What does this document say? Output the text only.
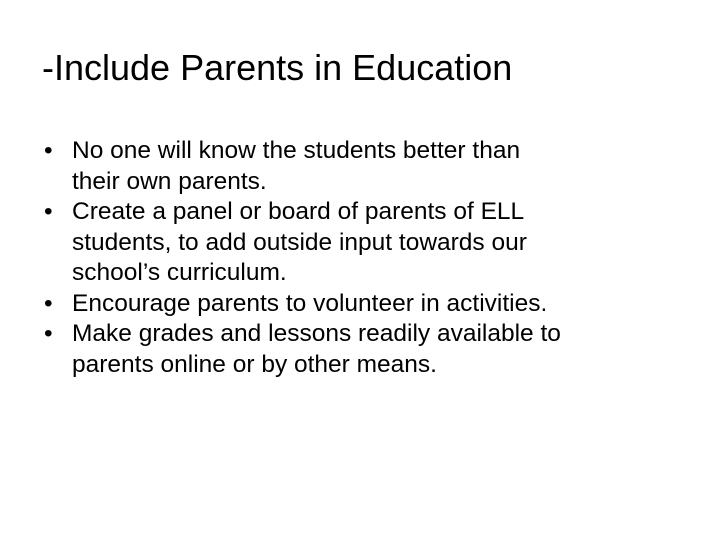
-Include Parents in Education
• No one will know the students better than
their own parents.
• Create a panel or board of parents of ELL
students, to add outside input towards our
school’s curriculum.
• Encourage parents to volunteer in activities.
• Make grades and lessons readily available to
parents online or by other means.
